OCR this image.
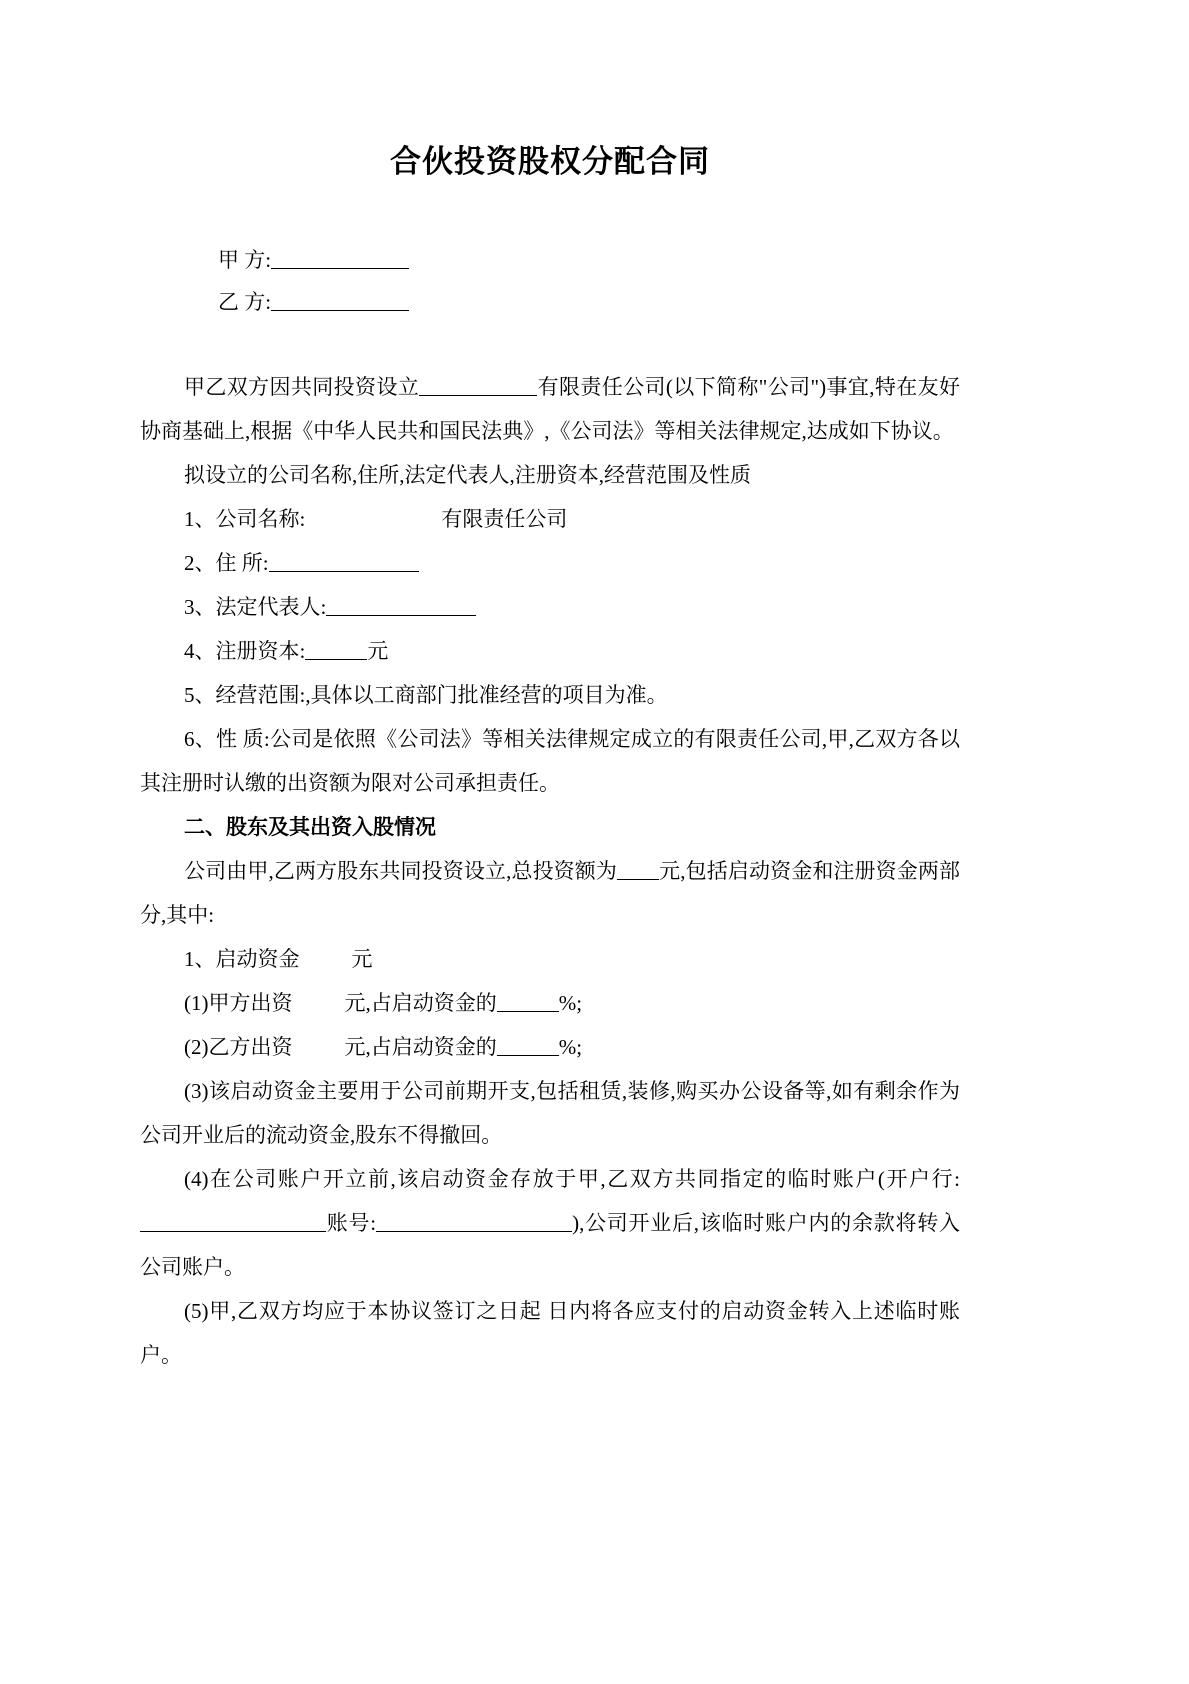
合伙投资股权分配合同
甲 方:
乙 方:

甲乙双方因共同投资设立	有限责任公司(以下简称"公司")事宜,特在友好协商基础上,根据《中华人民共和国民法典》,《公司法》等相关法律规定,达成如下协议。

拟设立的公司名称,住所,法定代表人,注册资本,经营范围及性质

1、公司名称:	有限责任公司

2、住 所:

3、法定代表人:

4、注册资本:	元

5、经营范围:,具体以工商部门批准经营的项目为准。

6、性 质:公司是依照《公司法》等相关法律规定成立的有限责任公司,甲,乙双方各以其注册时认缴的出资额为限对公司承担责任。

二、股东及其出资入股情况

公司由甲,乙两方股东共同投资设立,总投资额为 元,包括启动资金和注册资金两部分,其中:

1、启动资金 元

(1)甲方出资 元,占启动资金的	%;

(2)乙方出资 元,占启动资金的	%;

(3)该启动资金主要用于公司前期开支,包括租赁,装修,购买办公设备等,如有剩余作为公司开业后的流动资金,股东不得撤回。

(4)在公司账户开立前,该启动资金存放于甲,乙双方共同指定的临时账户(开户行:账号:	),公司开业后,该临时账户内的余款将转入公司账户。

(5)甲,乙双方均应于本协议签订之日起 日内将各应支付的启动资金转入上述临时账户。
